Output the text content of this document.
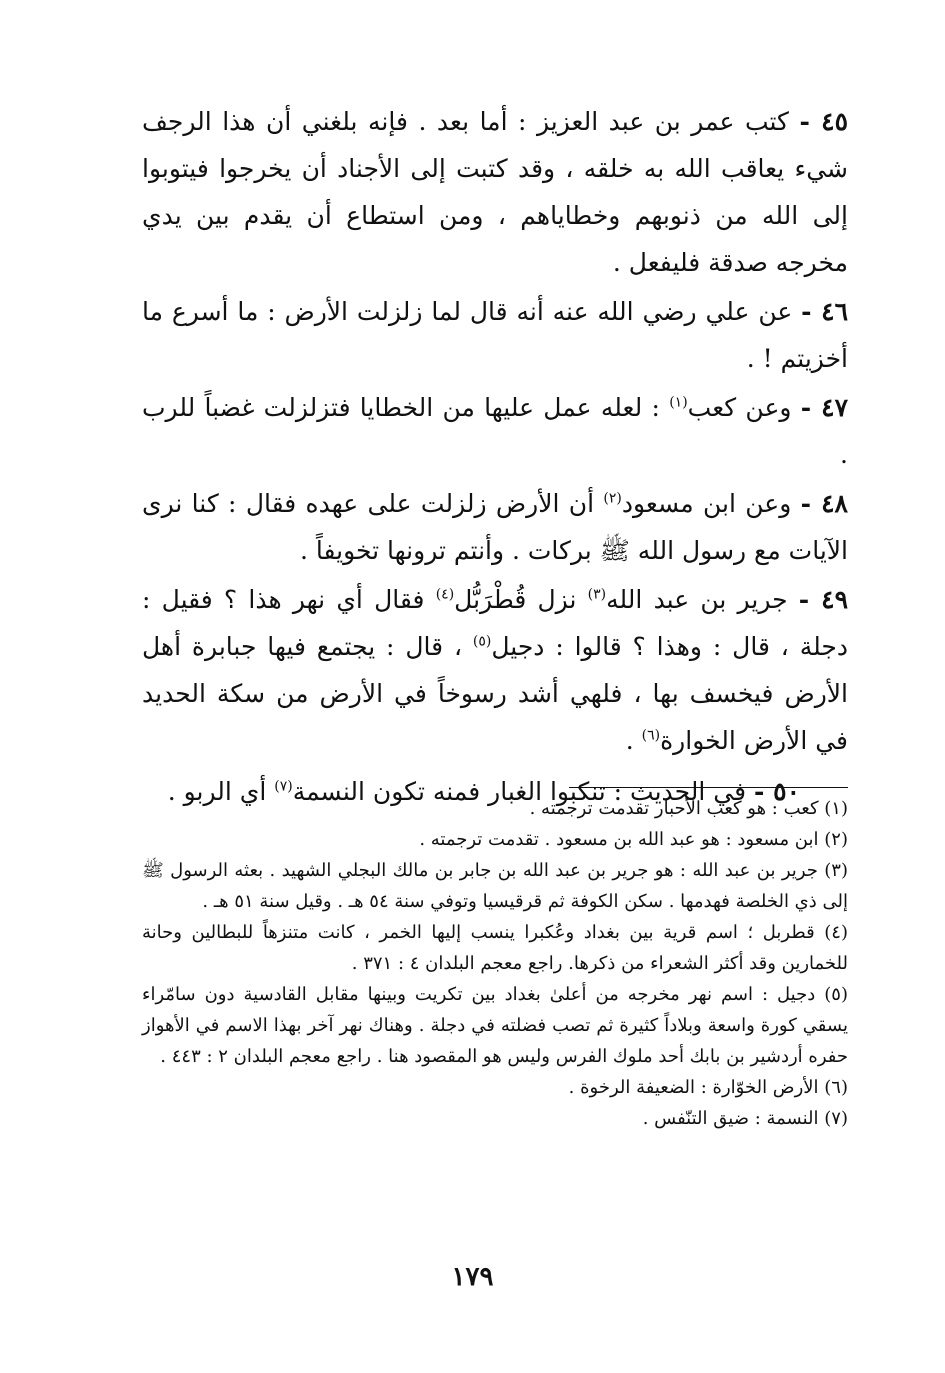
٤٥ - كتب عمر بن عبد العزيز : أما بعد . فإنه بلغني أن هذا الرجف شيء يعاقب الله به خلقه ، وقد كتبت إلى الأجناد أن يخرجوا فيتوبوا إلى الله من ذنوبهم وخطاياهم ، ومن استطاع أن يقدم بين يدي مخرجه صدقة فليفعل .

٤٦ - عن علي رضي الله عنه أنه قال لما زلزلت الأرض : ما أسرع ما أخزيتم ! .

٤٧ - وعن كعب$^{(١)}$ : لعله عمل عليها من الخطايا فتزلزلت غضباً للرب .

٤٨ - وعن ابن مسعود$^{(٢)}$ أن الأرض زلزلت على عهده فقال : كنا نرى الآيات مع رسول الله ﷺ بركات . وأنتم ترونها تخويفاً .

٤٩ - جرير بن عبد الله$^{(٣)}$ نزل قُطْرَبُّل$^{(٤)}$ فقال أي نهر هذا ؟ فقيل : دجلة ، قال : وهذا ؟ قالوا : دجيل$^{(٥)}$ ، قال : يجتمع فيها جبابرة أهل الأرض فيخسف بها ، فلهي أشد رسوخاً في الأرض من سكة الحديد في الأرض الخوارة$^{(٦)}$ .

٥٠ - في الحديث : تنكبوا الغبار فمنه تكون النسمة$^{(٧)}$ أي الربو .

(١) كعب : هو كعب الأحبار تقدمت ترجمته .

(٢) ابن مسعود : هو عبد الله بن مسعود . تقدمت ترجمته .

(٣) جرير بن عبد الله : هو جرير بن عبد الله بن جابر بن مالك البجلي الشهيد . بعثه الرسول ﷺ إلى ذي الخلصة فهدمها . سكن الكوفة ثم قرقيسيا وتوفي سنة ٥٤ هـ . وقيل سنة ٥١ هـ .

(٤) قطربل ؛ اسم قرية بين بغداد وعُكبرا ينسب إليها الخمر ، كانت متنزهاً للبطالين وحانة للخمارين وقد أكثر الشعراء من ذكرها. راجع معجم البلدان ٤ : ٣٧١ .

(٥) دجيل : اسم نهر مخرجه من أعلىٰ بغداد بين تكريت وبينها مقابل القادسية دون سامّراء يسقي كورة واسعة وبلاداً كثيرة ثم تصب فضلته في دجلة . وهناك نهر آخر بهذا الاسم في الأهواز حفره أردشير بن بابك أحد ملوك الفرس وليس هو المقصود هنا . راجع معجم البلدان ٢ : ٤٤٣ .

(٦) الأرض الخوّارة : الضعيفة الرخوة .

(٧) النسمة : ضيق التنّفس .

١٧٩
